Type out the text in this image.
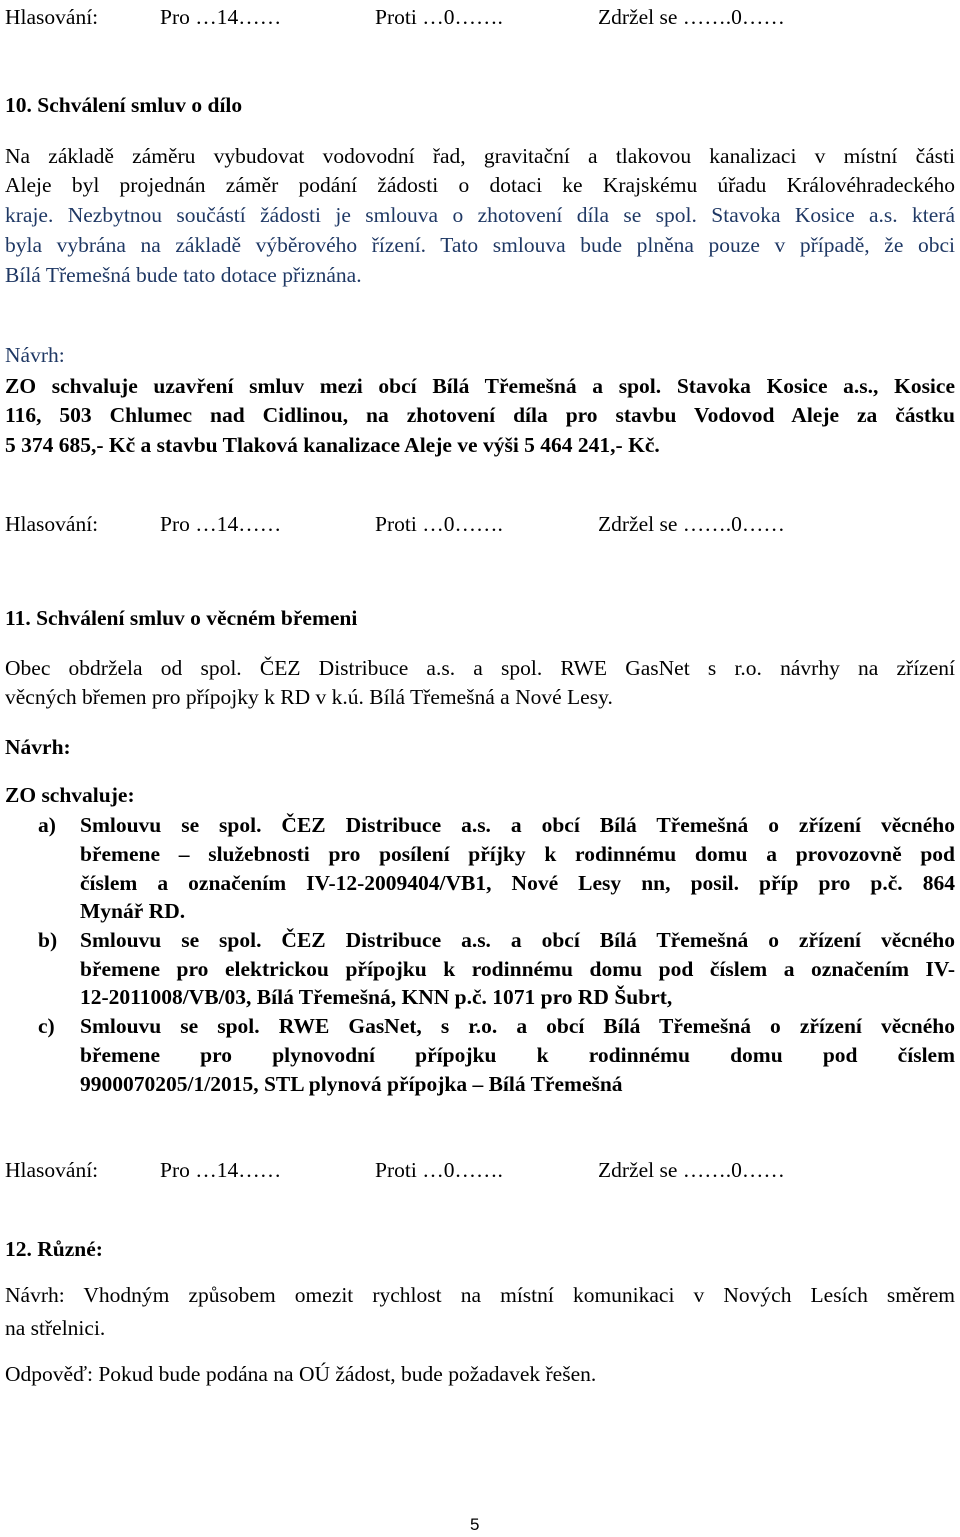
Hlasování:	Pro …14……	Proti …0…….	Zdržel se …….0……
10. Schválení smluv o dílo
Na základě záměru vybudovat vodovodní řad, gravitační a tlakovou kanalizaci v místní části
Aleje byl projednán záměr podání žádosti o dotaci ke Krajskému úřadu Královéhradeckého
kraje. Nezbytnou součástí žádosti je smlouva o zhotovení díla se spol. Stavoka Kosice a.s. která
byla vybrána na základě výběrového řízení. Tato smlouva bude plněna pouze v případě, že obci
Bílá Třemešná bude tato dotace přiznána.
Návrh:
ZO schvaluje uzavření smluv mezi obcí Bílá Třemešná a spol. Stavoka Kosice a.s., Kosice
116, 503 Chlumec nad Cidlinou, na zhotovení díla pro stavbu Vodovod Aleje za částku
5 374 685,- Kč a stavbu Tlaková kanalizace Aleje ve výši 5 464 241,- Kč.
Hlasování:	Pro …14……	Proti …0…….	Zdržel se …….0……
11. Schválení smluv o věcném břemeni
Obec obdržela od spol. ČEZ Distribuce a.s. a spol. RWE GasNet s r.o. návrhy na zřízení
věcných břemen pro přípojky k RD v k.ú. Bílá Třemešná a Nové Lesy.
Návrh:
ZO schvaluje:
a) Smlouvu se spol. ČEZ Distribuce a.s. a obcí Bílá Třemešná o zřízení věcného
břemene – služebnosti pro posílení příjky k rodinnému domu a provozovně pod
číslem a označením IV-12-2009404/VB1, Nové Lesy nn, posil. příp pro p.č. 864
Mynář RD.
b) Smlouvu se spol. ČEZ Distribuce a.s. a obcí Bílá Třemešná o zřízení věcného
břemene pro elektrickou přípojku k rodinnému domu pod číslem a označením IV-
12-2011008/VB/03, Bílá Třemešná, KNN p.č. 1071 pro RD Šubrt,
c) Smlouvu se spol. RWE GasNet, s r.o. a obcí Bílá Třemešná o zřízení věcného
břemene pro plynovodní přípojku k rodinnému domu pod číslem
9900070205/1/2015, STL plynová přípojka – Bílá Třemešná
Hlasování:	Pro …14……	Proti …0…….	Zdržel se …….0……
12. Různé:
Návrh: Vhodným způsobem omezit rychlost na místní komunikaci v Nových Lesích směrem
na střelnici.
Odpověď: Pokud bude podána na OÚ žádost, bude požadavek řešen.
5
